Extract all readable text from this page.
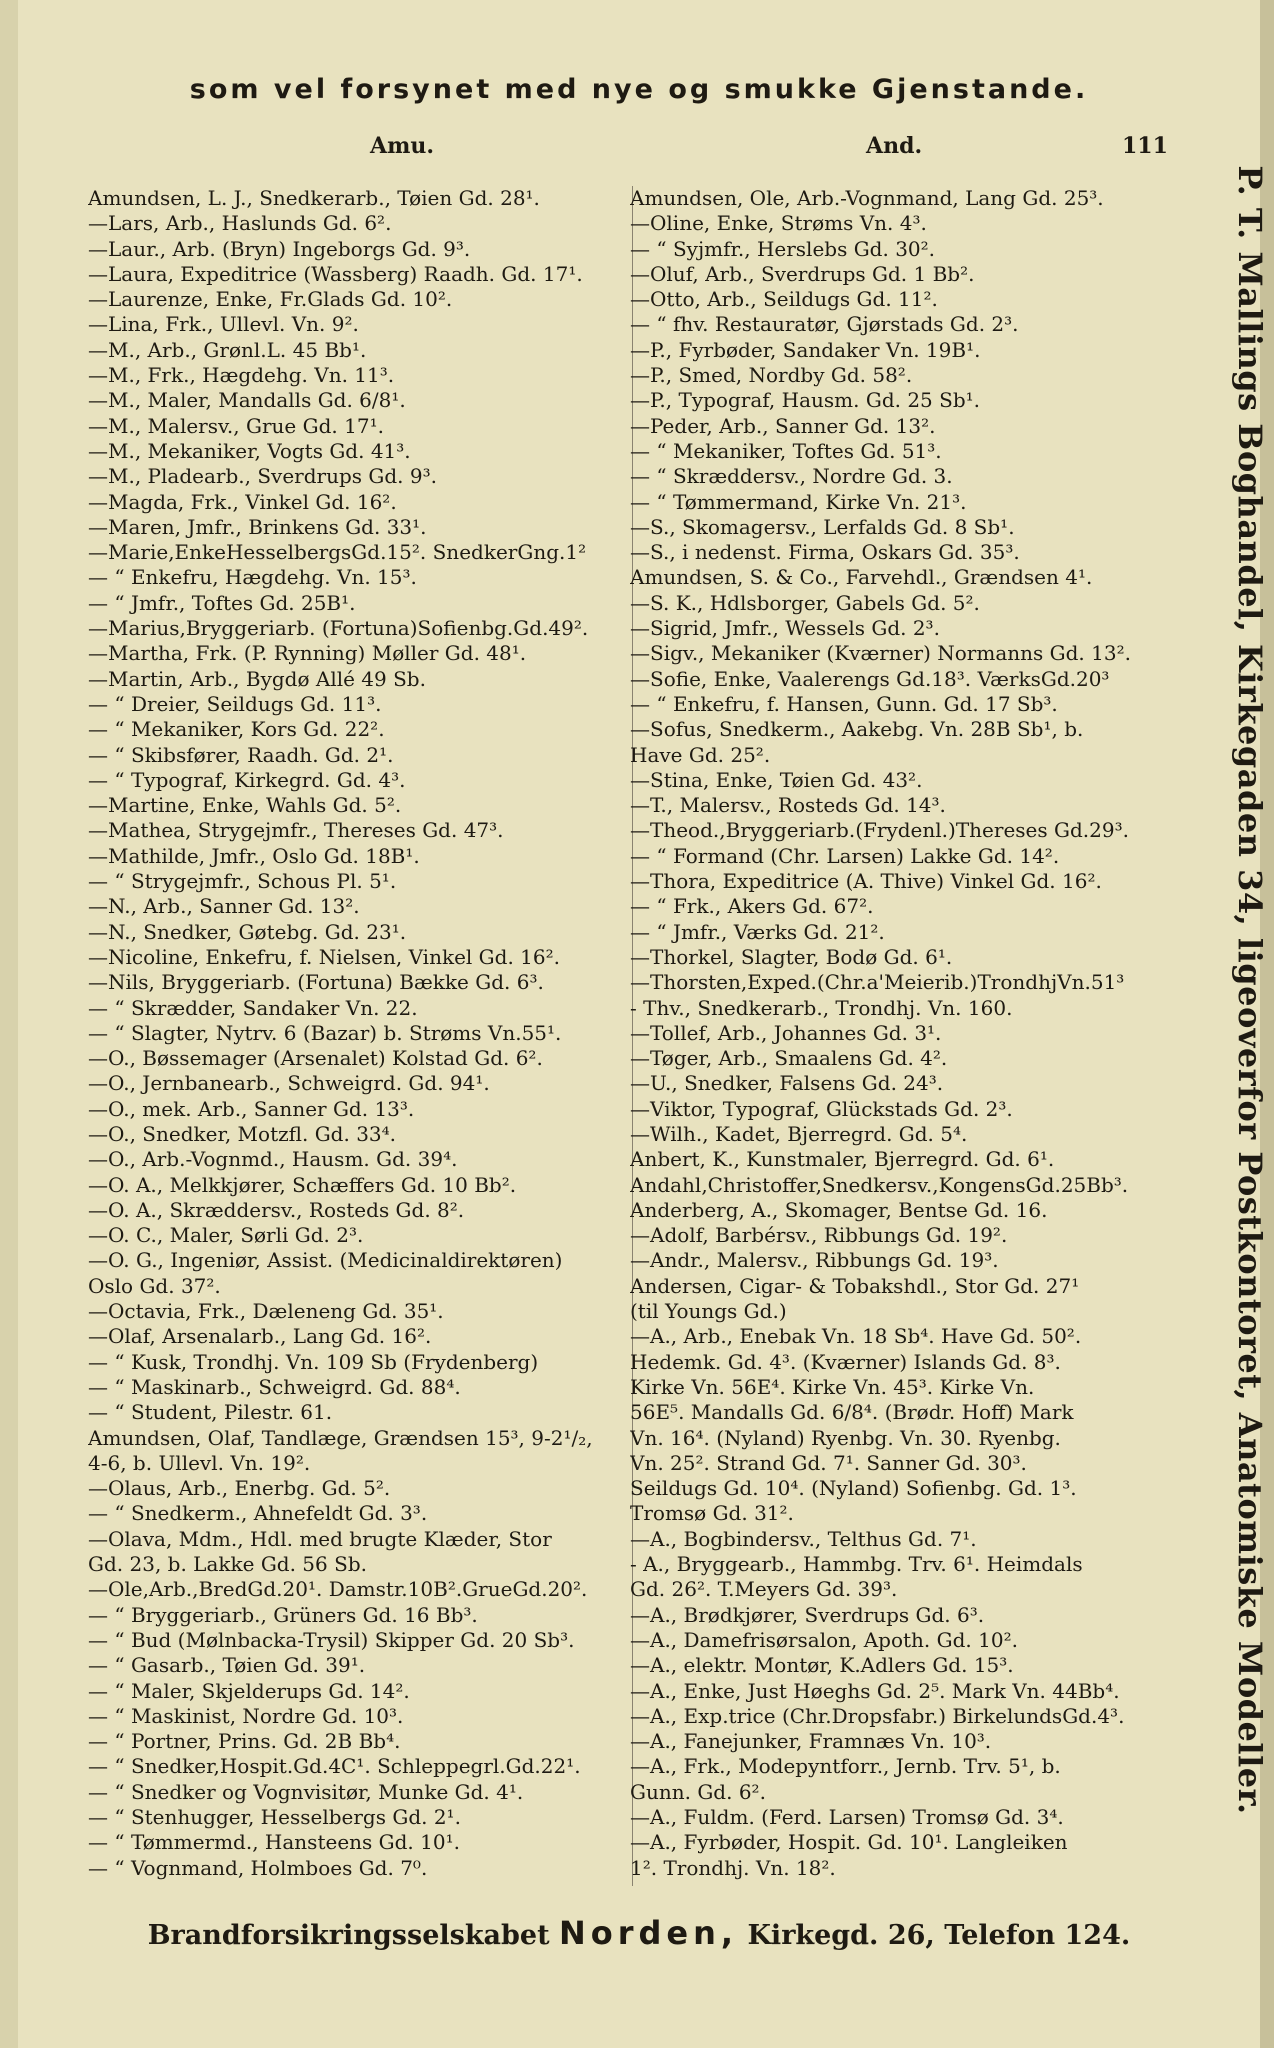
som vel forsynet med nye og smukke Gjenstande.
Amu.	And.	111
Amundsen, L. J., Snedkerarb., Tøien Gd. 28¹.
—Lars, Arb., Haslunds Gd. 6².
—Laur., Arb. (Bryn) Ingeborgs Gd. 9³.
—Laura, Expeditrice (Wassberg) Raadh. Gd. 17¹.
—Laurenze, Enke, Fr.Glads Gd. 10².
—Lina, Frk., Ullevl. Vn. 9².
—M., Arb., Grønl.L. 45 Bb¹.
—M., Frk., Hægdehg. Vn. 11³.
—M., Maler, Mandalls Gd. 6/8¹.
—M., Malersv., Grue Gd. 17¹.
—M., Mekaniker, Vogts Gd. 41³.
—M., Pladearb., Sverdrups Gd. 9³.
—Magda, Frk., Vinkel Gd. 16².
—Maren, Jmfr., Brinkens Gd. 33¹.
—Marie,EnkeHesselbergsGd.15². SnedkerGng.1²
— “ Enkefru, Hægdehg. Vn. 15³.
— “ Jmfr., Toftes Gd. 25B¹.
—Marius,Bryggeriarb. (Fortuna)Sofienbg.Gd.49².
—Martha, Frk. (P. Rynning) Møller Gd. 48¹.
—Martin, Arb., Bygdø Allé 49 Sb.
— “ Dreier, Seildugs Gd. 11³.
— “ Mekaniker, Kors Gd. 22².
— “ Skibsfører, Raadh. Gd. 2¹.
— “ Typograf, Kirkegrd. Gd. 4³.
—Martine, Enke, Wahls Gd. 5².
—Mathea, Strygejmfr., Thereses Gd. 47³.
—Mathilde, Jmfr., Oslo Gd. 18B¹.
— “ Strygejmfr., Schous Pl. 5¹.
—N., Arb., Sanner Gd. 13².
—N., Snedker, Gøtebg. Gd. 23¹.
—Nicoline, Enkefru, f. Nielsen, Vinkel Gd. 16².
—Nils, Bryggeriarb. (Fortuna) Bække Gd. 6³.
— “ Skrædder, Sandaker Vn. 22.
— “ Slagter, Nytrv. 6 (Bazar) b. Strøms Vn.55¹.
—O., Bøssemager (Arsenalet) Kolstad Gd. 6².
—O., Jernbanearb., Schweigrd. Gd. 94¹.
—O., mek. Arb., Sanner Gd. 13³.
—O., Snedker, Motzfl. Gd. 33⁴.
—O., Arb.-Vognmd., Hausm. Gd. 39⁴.
—O. A., Melkkjører, Schæffers Gd. 10 Bb².
—O. A., Skræddersv., Rosteds Gd. 8².
—O. C., Maler, Sørli Gd. 2³.
—O. G., Ingeniør, Assist. (Medicinaldirektøren)
Oslo Gd. 37².
—Octavia, Frk., Dæleneng Gd. 35¹.
—Olaf, Arsenalarb., Lang Gd. 16².
— “ Kusk, Trondhj. Vn. 109 Sb (Frydenberg)
— “ Maskinarb., Schweigrd. Gd. 88⁴.
— “ Student, Pilestr. 61.
Amundsen, Olaf, Tandlæge, Grændsen 15³, 9-2¹/₂,
4-6, b. Ullevl. Vn. 19².
—Olaus, Arb., Enerbg. Gd. 5².
— “ Snedkerm., Ahnefeldt Gd. 3³.
—Olava, Mdm., Hdl. med brugte Klæder, Stor
Gd. 23, b. Lakke Gd. 56 Sb.
—Ole,Arb.,BredGd.20¹. Damstr.10B².GrueGd.20².
— “ Bryggeriarb., Grüners Gd. 16 Bb³.
— “ Bud (Mølnbacka-Trysil) Skipper Gd. 20 Sb³.
— “ Gasarb., Tøien Gd. 39¹.
— “ Maler, Skjelderups Gd. 14².
— “ Maskinist, Nordre Gd. 10³.
— “ Portner, Prins. Gd. 2B Bb⁴.
— “ Snedker,Hospit.Gd.4C¹. Schleppegrl.Gd.22¹.
— “ Snedker og Vognvisitør, Munke Gd. 4¹.
— “ Stenhugger, Hesselbergs Gd. 2¹.
— “ Tømmermd., Hansteens Gd. 10¹.
— “ Vognmand, Holmboes Gd. 7⁰.
Amundsen, Ole, Arb.-Vognmand, Lang Gd. 25³.
—Oline, Enke, Strøms Vn. 4³.
— “ Syjmfr., Herslebs Gd. 30².
—Oluf, Arb., Sverdrups Gd. 1 Bb².
—Otto, Arb., Seildugs Gd. 11².
— “ fhv. Restauratør, Gjørstads Gd. 2³.
—P., Fyrbøder, Sandaker Vn. 19B¹.
—P., Smed, Nordby Gd. 58².
—P., Typograf, Hausm. Gd. 25 Sb¹.
—Peder, Arb., Sanner Gd. 13².
— “ Mekaniker, Toftes Gd. 51³.
— “ Skræddersv., Nordre Gd. 3.
— “ Tømmermand, Kirke Vn. 21³.
—S., Skomagersv., Lerfalds Gd. 8 Sb¹.
—S., i nedenst. Firma, Oskars Gd. 35³.
Amundsen, S. & Co., Farvehdl., Grændsen 4¹.
—S. K., Hdlsborger, Gabels Gd. 5².
—Sigrid, Jmfr., Wessels Gd. 2³.
—Sigv., Mekaniker (Kværner) Normanns Gd. 13².
—Sofie, Enke, Vaalerengs Gd.18³. VærksGd.20³
— “ Enkefru, f. Hansen, Gunn. Gd. 17 Sb³.
—Sofus, Snedkerm., Aakebg. Vn. 28B Sb¹, b.
Have Gd. 25².
—Stina, Enke, Tøien Gd. 43².
—T., Malersv., Rosteds Gd. 14³.
—Theod.,Bryggeriarb.(Frydenl.)Thereses Gd.29³.
— “ Formand (Chr. Larsen) Lakke Gd. 14².
—Thora, Expeditrice (A. Thive) Vinkel Gd. 16².
— “ Frk., Akers Gd. 67².
— “ Jmfr., Værks Gd. 21².
—Thorkel, Slagter, Bodø Gd. 6¹.
—Thorsten,Exped.(Chr.a'Meierib.)TrondhjVn.51³
- Thv., Snedkerarb., Trondhj. Vn. 160.
—Tollef, Arb., Johannes Gd. 3¹.
—Tøger, Arb., Smaalens Gd. 4².
—U., Snedker, Falsens Gd. 24³.
—Viktor, Typograf, Glückstads Gd. 2³.
—Wilh., Kadet, Bjerregrd. Gd. 5⁴.
Anbert, K., Kunstmaler, Bjerregrd. Gd. 6¹.
Andahl,Christoffer,Snedkersv.,KongensGd.25Bb³.
Anderberg, A., Skomager, Bentse Gd. 16.
—Adolf, Barbérsv., Ribbungs Gd. 19².
—Andr., Malersv., Ribbungs Gd. 19³.
Andersen, Cigar- & Tobakshdl., Stor Gd. 27¹
(til Youngs Gd.)
—A., Arb., Enebak Vn. 18 Sb⁴. Have Gd. 50².
Hedemk. Gd. 4³. (Kværner) Islands Gd. 8³.
Kirke Vn. 56E⁴. Kirke Vn. 45³. Kirke Vn.
56E⁵. Mandalls Gd. 6/8⁴. (Brødr. Hoff) Mark
Vn. 16⁴. (Nyland) Ryenbg. Vn. 30. Ryenbg.
Vn. 25². Strand Gd. 7¹. Sanner Gd. 30³.
Seildugs Gd. 10⁴. (Nyland) Sofienbg. Gd. 1³.
Tromsø Gd. 31².
—A., Bogbindersv., Telthus Gd. 7¹.
- A., Bryggearb., Hammbg. Trv. 6¹. Heimdals
Gd. 26². T.Meyers Gd. 39³.
—A., Brødkjører, Sverdrups Gd. 6³.
—A., Damefrisørsalon, Apoth. Gd. 10².
—A., elektr. Montør, K.Adlers Gd. 15³.
—A., Enke, Just Høeghs Gd. 2⁵. Mark Vn. 44Bb⁴.
—A., Exp.trice (Chr.Dropsfabr.) BirkelundsGd.4³.
—A., Fanejunker, Framnæs Vn. 10³.
—A., Frk., Modepyntforr., Jernb. Trv. 5¹, b.
Gunn. Gd. 6².
—A., Fuldm. (Ferd. Larsen) Tromsø Gd. 3⁴.
—A., Fyrbøder, Hospit. Gd. 10¹. Langleiken
1². Trondhj. Vn. 18².
P. T. Mallings Boghandel, Kirkegaden 34, ligeoverfor Postkontoret, Anatomiske Modeller.
Brandforsikringsselskabet Norden, Kirkegd. 26, Telefon 124.
